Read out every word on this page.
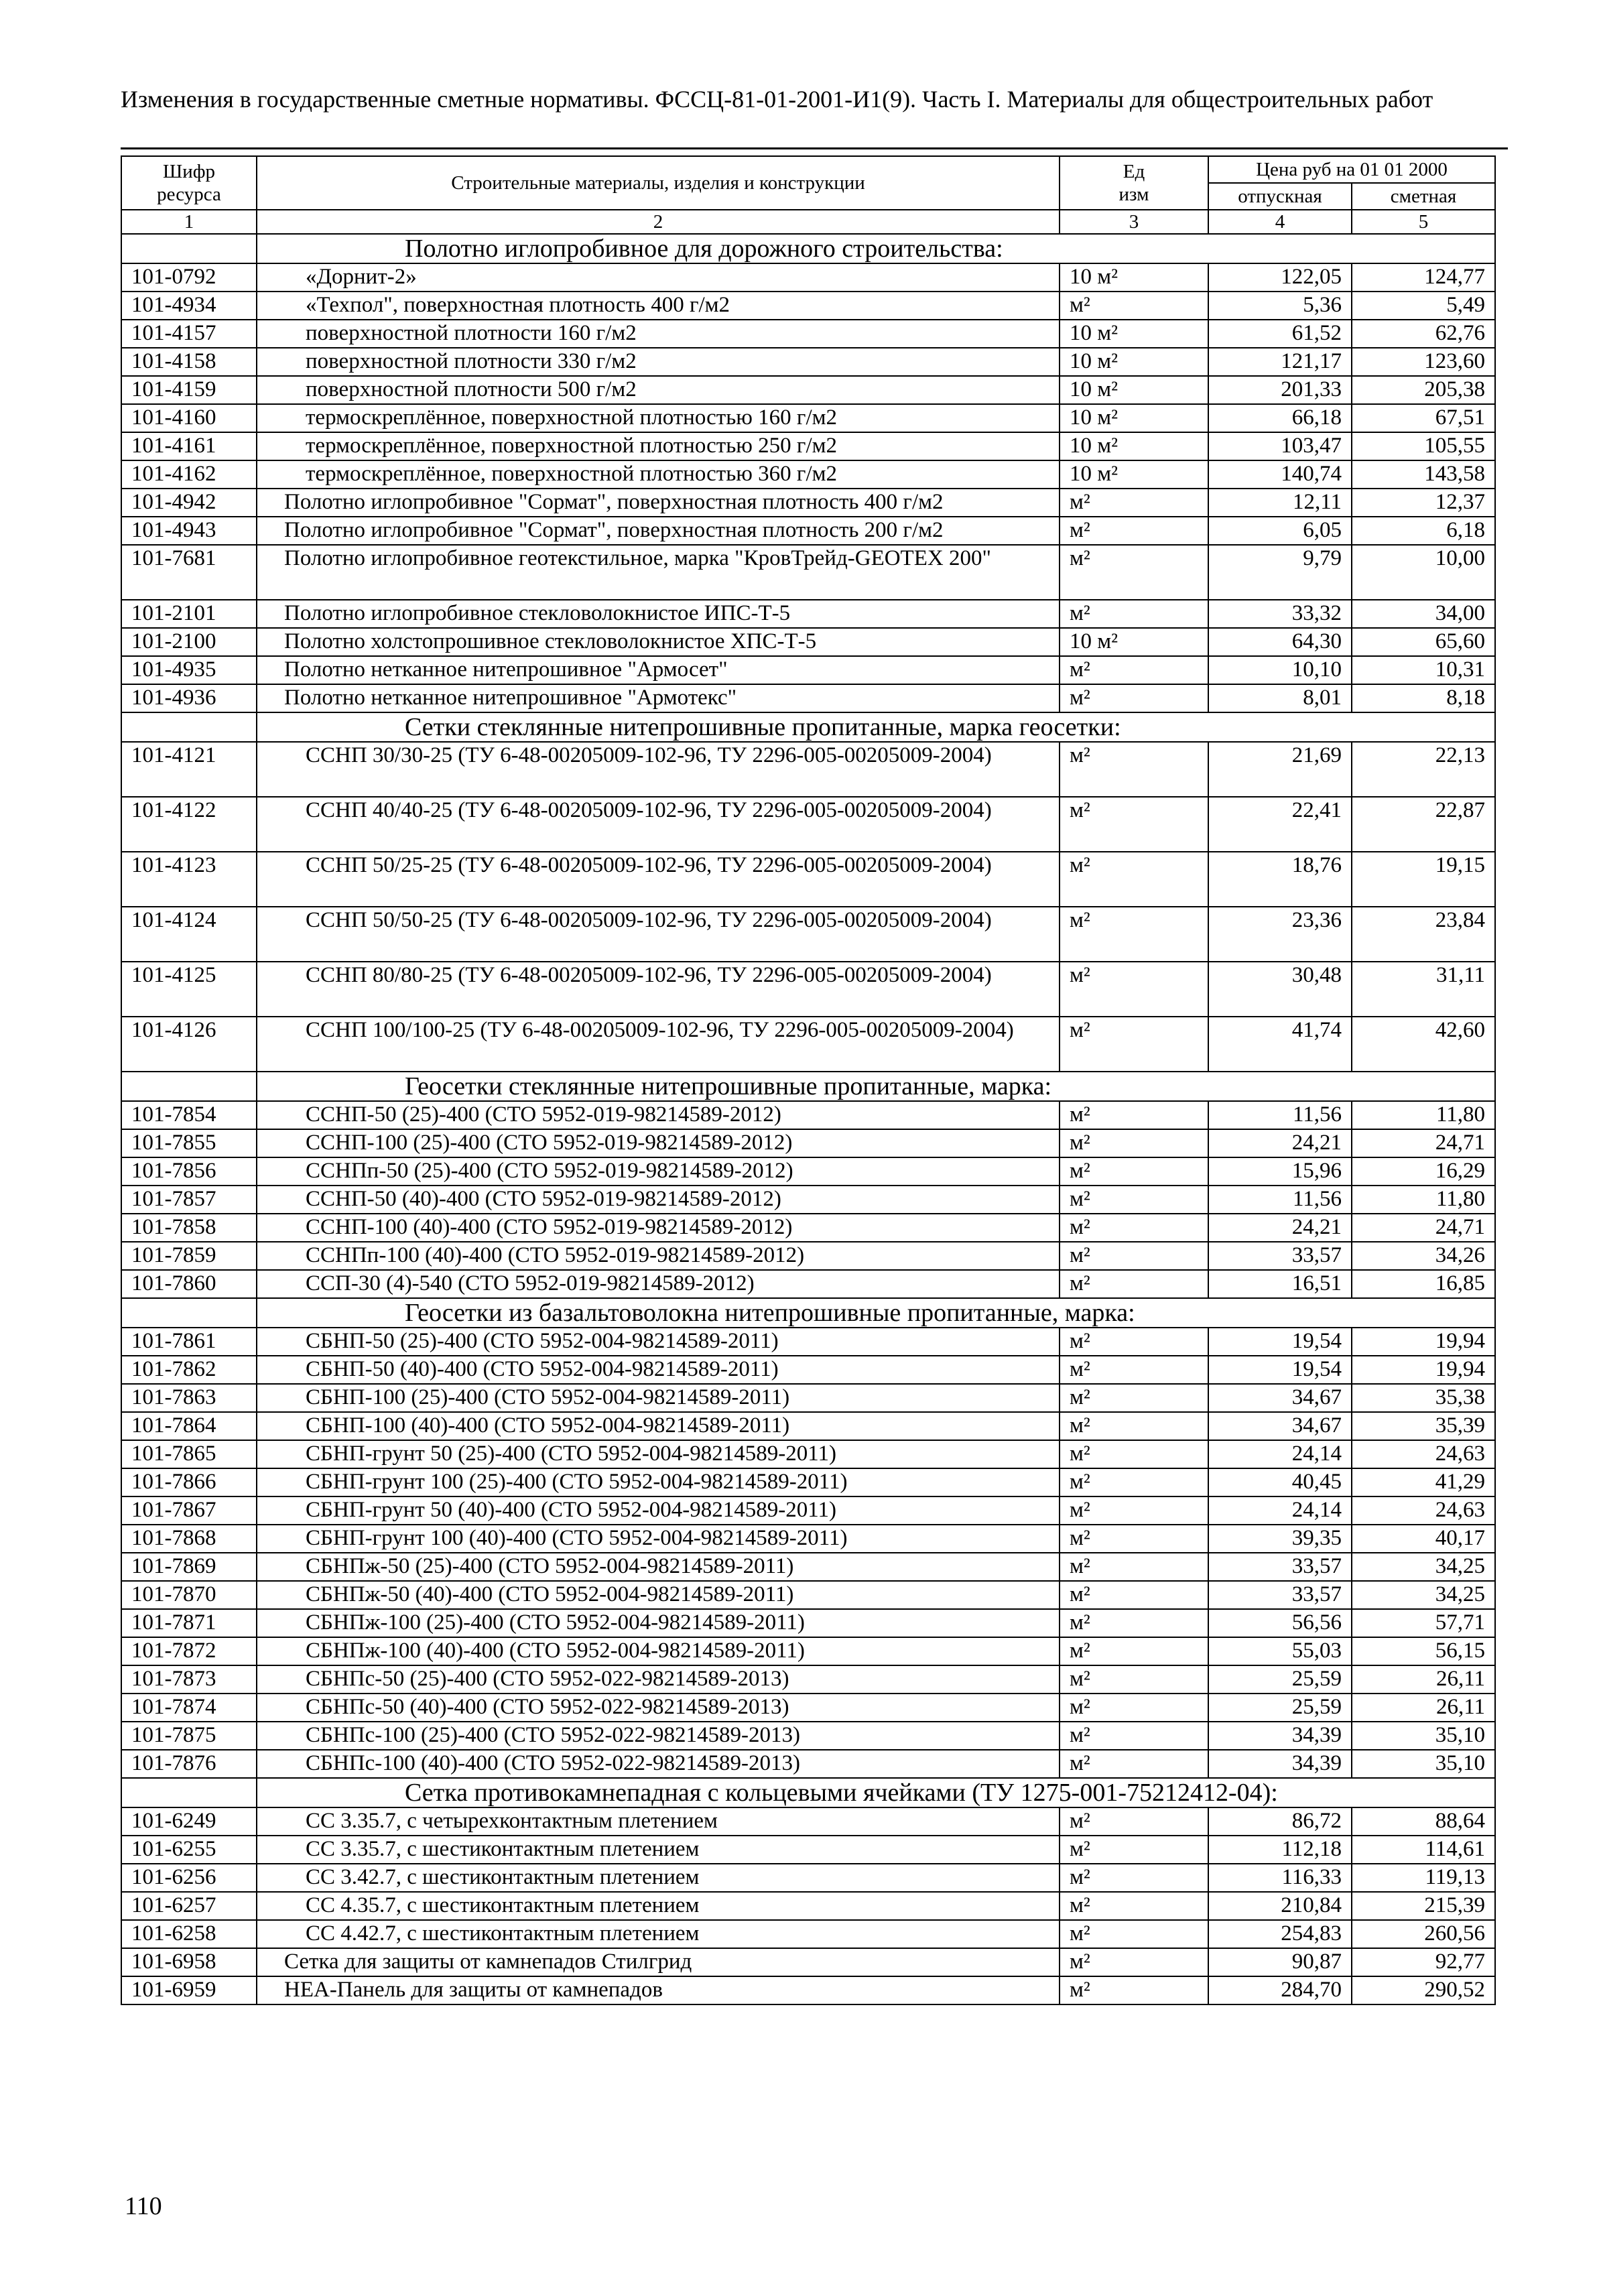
Изменения в государственные сметные нормативы. ФССЦ-81-01-2001-И1(9). Часть I. Материалы для общестроительных работ
Шифр
ресурса	Строительные материалы, изделия и конструкции	Ед
изм	Цена руб на 01 01 2000	
			отпускная	сметная
1	2	3	4	5
	Полотно иглопробивное для дорожного строительства:			
101-0792	«Дорнит-2»	10 м²	122,05	124,77
101-4934	«Техпол", поверхностная плотность 400 г/м2	м²	5,36	5,49
101-4157	поверхностной плотности 160 г/м2	10 м²	61,52	62,76
101-4158	поверхностной плотности 330 г/м2	10 м²	121,17	123,60
101-4159	поверхностной плотности 500 г/м2	10 м²	201,33	205,38
101-4160	термоскреплённое, поверхностной плотностью 160 г/м2	10 м²	66,18	67,51
101-4161	термоскреплённое, поверхностной плотностью 250 г/м2	10 м²	103,47	105,55
101-4162	термоскреплённое, поверхностной плотностью 360 г/м2	10 м²	140,74	143,58
101-4942	Полотно иглопробивное "Сормат", поверхностная плотность 400 г/м2	м²	12,11	12,37
101-4943	Полотно иглопробивное "Сормат", поверхностная плотность 200 г/м2	м²	6,05	6,18
101-7681	Полотно иглопробивное геотекстильное, марка "КровТрейд-GEOTEX 200"	м²	9,79	10,00
101-2101	Полотно иглопробивное стекловолокнистое ИПС-Т-5	м²	33,32	34,00
101-2100	Полотно холстопрошивное стекловолокнистое ХПС-Т-5	10 м²	64,30	65,60
101-4935	Полотно нетканное нитепрошивное "Армосет"	м²	10,10	10,31
101-4936	Полотно нетканное нитепрошивное "Армотекс"	м²	8,01	8,18
	Сетки стеклянные нитепрошивные пропитанные, марка геосетки:			
101-4121	ССНП 30/30-25 (ТУ 6-48-00205009-102-96, ТУ 2296-005-00205009-2004)	м²	21,69	22,13
101-4122	ССНП 40/40-25 (ТУ 6-48-00205009-102-96, ТУ 2296-005-00205009-2004)	м²	22,41	22,87
101-4123	ССНП 50/25-25 (ТУ 6-48-00205009-102-96, ТУ 2296-005-00205009-2004)	м²	18,76	19,15
101-4124	ССНП 50/50-25 (ТУ 6-48-00205009-102-96, ТУ 2296-005-00205009-2004)	м²	23,36	23,84
101-4125	ССНП 80/80-25 (ТУ 6-48-00205009-102-96, ТУ 2296-005-00205009-2004)	м²	30,48	31,11
101-4126	ССНП 100/100-25 (ТУ 6-48-00205009-102-96, ТУ 2296-005-00205009-2004)	м²	41,74	42,60
	Геосетки стеклянные нитепрошивные пропитанные, марка:			
101-7854	ССНП-50 (25)-400 (СТО 5952-019-98214589-2012)	м²	11,56	11,80
101-7855	ССНП-100 (25)-400 (СТО 5952-019-98214589-2012)	м²	24,21	24,71
101-7856	ССНПп-50 (25)-400 (СТО 5952-019-98214589-2012)	м²	15,96	16,29
101-7857	ССНП-50 (40)-400 (СТО 5952-019-98214589-2012)	м²	11,56	11,80
101-7858	ССНП-100 (40)-400 (СТО 5952-019-98214589-2012)	м²	24,21	24,71
101-7859	ССНПп-100 (40)-400 (СТО 5952-019-98214589-2012)	м²	33,57	34,26
101-7860	ССП-30 (4)-540 (СТО 5952-019-98214589-2012)	м²	16,51	16,85
	Геосетки из базальтоволокна нитепрошивные пропитанные, марка:			
101-7861	СБНП-50 (25)-400 (СТО 5952-004-98214589-2011)	м²	19,54	19,94
101-7862	СБНП-50 (40)-400 (СТО 5952-004-98214589-2011)	м²	19,54	19,94
101-7863	СБНП-100 (25)-400 (СТО 5952-004-98214589-2011)	м²	34,67	35,38
101-7864	СБНП-100 (40)-400 (СТО 5952-004-98214589-2011)	м²	34,67	35,39
101-7865	СБНП-грунт 50 (25)-400 (СТО 5952-004-98214589-2011)	м²	24,14	24,63
101-7866	СБНП-грунт 100 (25)-400 (СТО 5952-004-98214589-2011)	м²	40,45	41,29
101-7867	СБНП-грунт 50 (40)-400 (СТО 5952-004-98214589-2011)	м²	24,14	24,63
101-7868	СБНП-грунт 100 (40)-400 (СТО 5952-004-98214589-2011)	м²	39,35	40,17
101-7869	СБНПж-50 (25)-400 (СТО 5952-004-98214589-2011)	м²	33,57	34,25
101-7870	СБНПж-50 (40)-400 (СТО 5952-004-98214589-2011)	м²	33,57	34,25
101-7871	СБНПж-100 (25)-400 (СТО 5952-004-98214589-2011)	м²	56,56	57,71
101-7872	СБНПж-100 (40)-400 (СТО 5952-004-98214589-2011)	м²	55,03	56,15
101-7873	СБНПс-50 (25)-400 (СТО 5952-022-98214589-2013)	м²	25,59	26,11
101-7874	СБНПс-50 (40)-400 (СТО 5952-022-98214589-2013)	м²	25,59	26,11
101-7875	СБНПс-100 (25)-400 (СТО 5952-022-98214589-2013)	м²	34,39	35,10
101-7876	СБНПс-100 (40)-400 (СТО 5952-022-98214589-2013)	м²	34,39	35,10
	Сетка противокамнепадная с кольцевыми ячейками (ТУ 1275-001-75212412-04):			
101-6249	СС 3.35.7, с четырехконтактным плетением	м²	86,72	88,64
101-6255	СС 3.35.7, с шестиконтактным плетением	м²	112,18	114,61
101-6256	СС 3.42.7, с шестиконтактным плетением	м²	116,33	119,13
101-6257	СС 4.35.7, с шестиконтактным плетением	м²	210,84	215,39
101-6258	СС 4.42.7, с шестиконтактным плетением	м²	254,83	260,56
101-6958	Сетка для защиты от камнепадов Стилгрид	м²	90,87	92,77
101-6959	НЕА-Панель для защиты от камнепадов	м²	284,70	290,52
110
